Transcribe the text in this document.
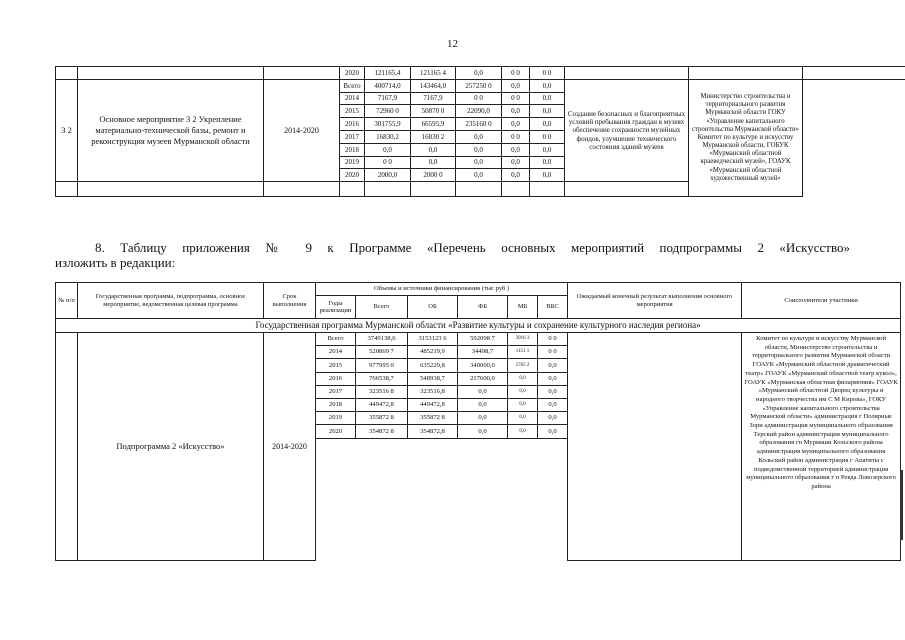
12
			2020	121165,4	121165 4	0,0	0 0	0 0			
3 2	Основное мероприятие 3 2 Укрепление материально-технической базы, ремонт и реконструкция музеев Мурманской области	2014-2020	Всего	400714,0	143464,0	257250 0	0,0	0,0	Создание безопасных и благоприятных условий пребывания граждан в музеях обеспечение сохранности музейных фондов, улучшение технического состояния зданий музеев	Министерство строительства и территориального развития Мурманской области ГОКУ «Управление капитального строительства Мурманской области» Комитет по культуре и искусству Мурманской области, ГОБУК «Мурманский областной краеведческий музей», ГОАУК «Мурманский областной художественный музей»	
			2014	7167,9	7167,9	0 0	0 0	0,0			
			2015	72960 0	50870 0	22090,0	0,0	0,0			
			2016	301755,9	66595,9	235160 0	0,0	0,0			
			2017	16830,2	16830 2	0,0	0 0	0 0			
			2018	0,0	0,0	0,0	0,0	0,0			
			2019	0 0	0,0	0,0	0,0	0,0			
			2020	2000,0	2000 0	0,0	0,0	0,0			

8. Таблицу приложения № 9 к Программе «Перечень основных мероприятий подпрограммы 2 «Искусство»
изложить в редакции:
№ п/п	Государственная программа, подпрограмма, основное мероприятие, ведомственная целевая программа	Срок выполнения	Объемы и источники финансирования (тыс руб )						Ожидаемый конечный результат выполнения основного мероприятия	Соисполнители участники
			Годы реализации	Всего	ОБ	ФБ	МБ	ВБС		
Государственная программа Мурманской области «Развитие культуры и сохранение культурного наследия региона»										
	Подпрограмма 2 «Искусство»	2014-2020	Всего	3749138,6	3153123 6	592098 7	3916 3	0 0		Комитет по культуре и искусству Мурманской области, Министерство строительства и территориального развития Мурманской области ГОАУК «Мурманский областной драматический театр» ГОАУК «Мурманский областной театр кукол», ГОАУК «Мурманская областная филармония» ГОАУК «Мурманский областной Дворец культуры и народного творчества им С М Кирова», ГОКУ «Управление капитального строительства Мурманской области» администрация г Полярные Зори администрация муниципального образования Терский район администрация муниципального образования гп Мурмаши Кольского района администрация муниципального образования Кольский район администрация г Апатиты с подведомственной территорией администрация муниципального образования г п Ревда Ловозерского района
			2014	520869 7	485219,9	34498,7	1151 1	0 0		
			2015	977995 0	635229,8	340000,0	2765 2	0,0		
			2016	766538,7	548938,7	217600,0	0,0	0,0		
			2017	323516 8	323516,8	0,0	0,0	0,0		
			2018	449472,8	449472,8	0,0	0,0	0,0		
			2019	355872 8	355872 8	0,0	0,0	0,0		
			2020	354872 8	354872,8	0,0	0,0	0,0		
